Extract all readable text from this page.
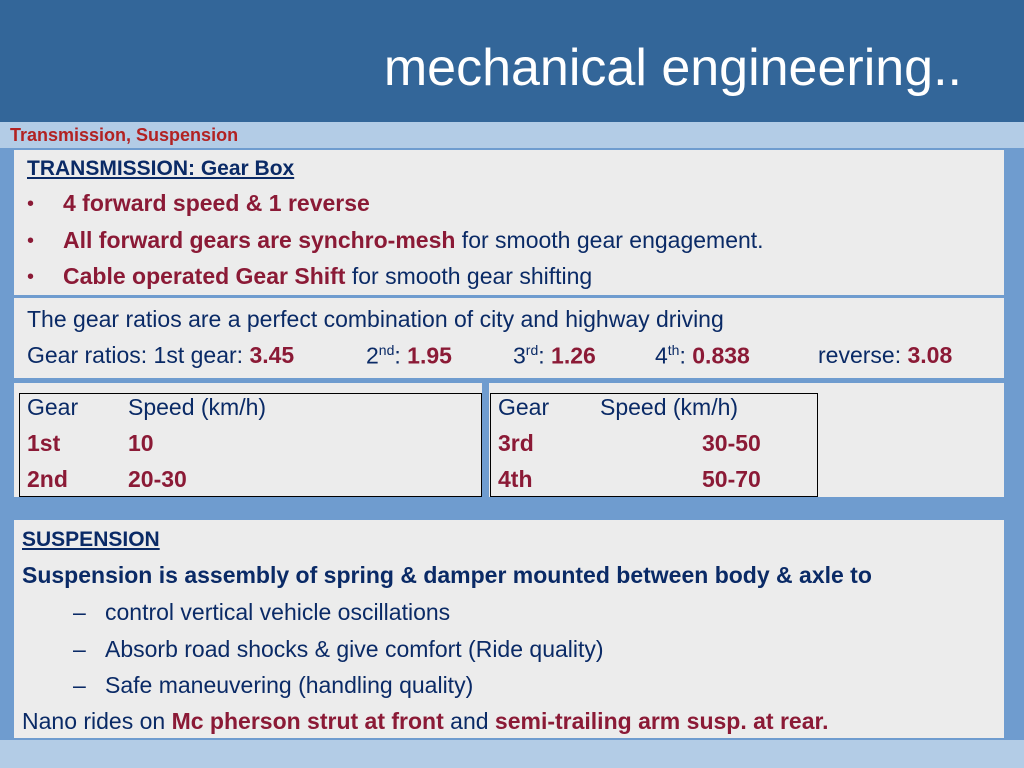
mechanical engineering..
Transmission, Suspension
TRANSMISSION: Gear Box
• 4 forward speed & 1 reverse
• All forward gears are synchro-mesh for smooth gear engagement.
• Cable operated Gear Shift for smooth gear shifting
The gear ratios are a perfect combination of city and highway driving
Gear ratios: 1st gear: 3.45	2nd: 1.95	3rd: 1.26	4th: 0.838	reverse: 3.08
Gear Speed (km/h)
1st	10
2nd	20-30
Gear Speed (km/h)
3rd	30-50
4th	50-70
SUSPENSION
Suspension is assembly of spring & damper mounted between body & axle to
– control vertical vehicle oscillations
– Absorb road shocks & give comfort (Ride quality)
– Safe maneuvering (handling quality)
Nano rides on Mc pherson strut at front and semi-trailing arm susp. at rear.
